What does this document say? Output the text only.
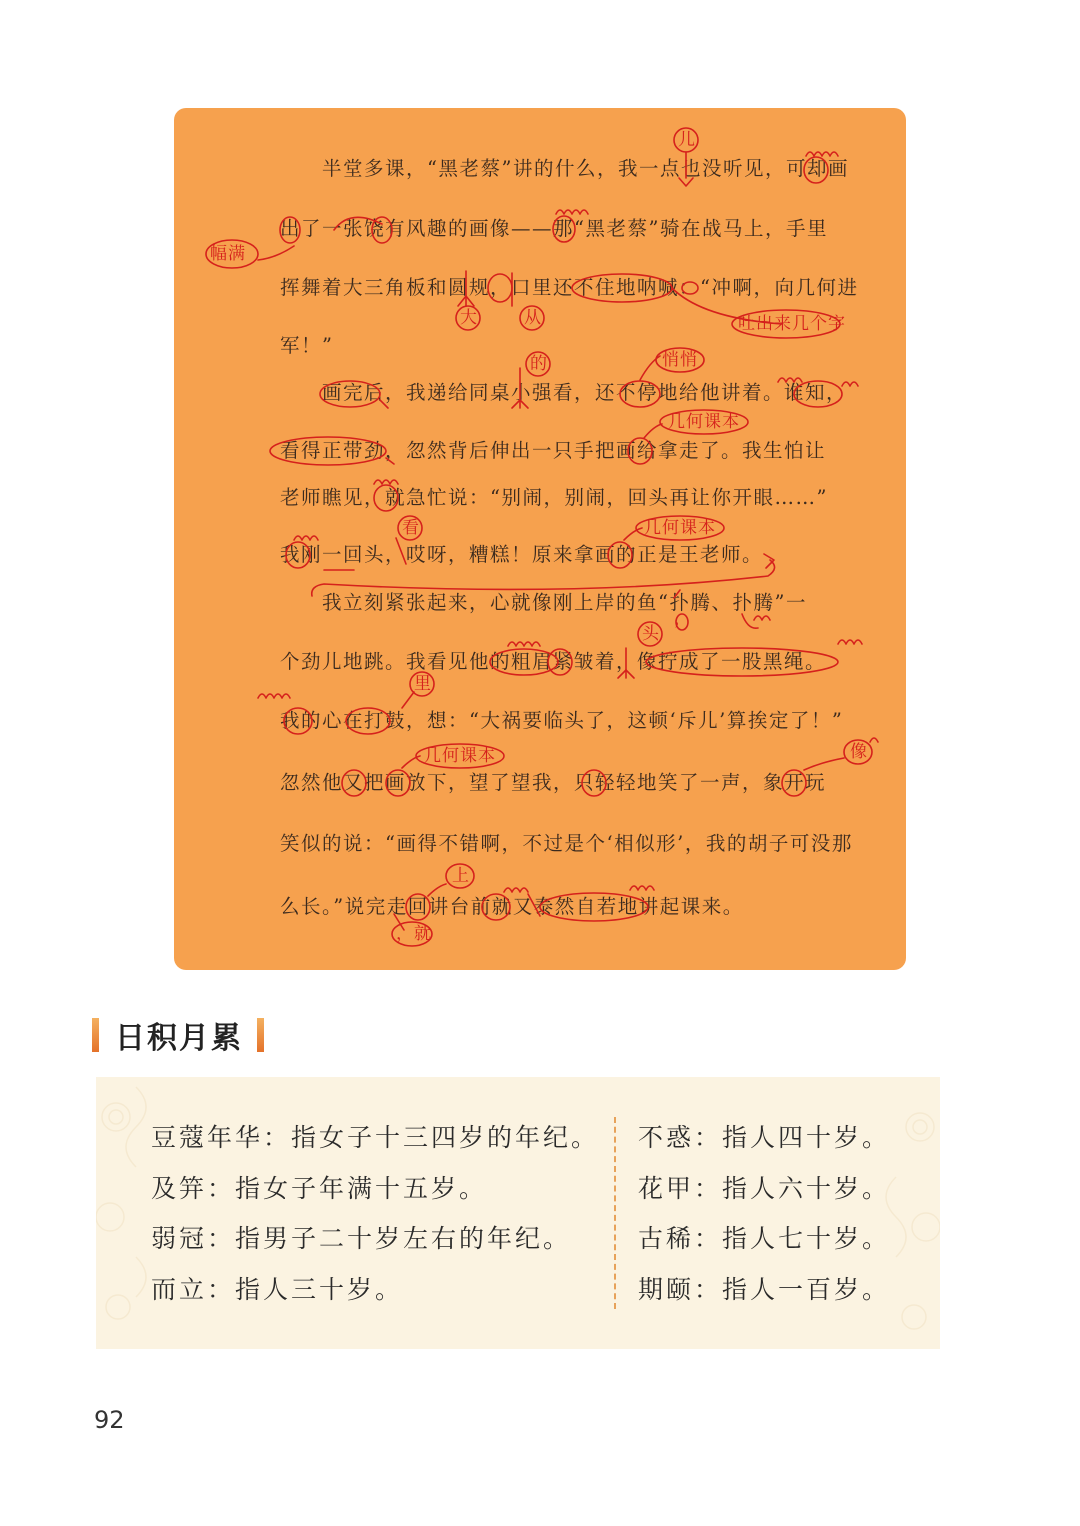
　　半堂多课，“黑老蔡”讲的什么，我一点也没听见，可却画
出了一张饶有风趣的画像——那“黑老蔡”骑在战马上，手里
挥舞着大三角板和圆规，口里还不住地呐喊：“冲啊，向几何进
军！”
　　画完后，我递给同桌小强看，还不停地给他讲着。谁知，
看得正带劲，忽然背后伸出一只手把画给拿走了。我生怕让
老师瞧见，就急忙说：“别闹，别闹，回头再让你开眼……”
我刚一回头，哎呀，糟糕！原来拿画的正是王老师。
　　我立刻紧张起来，心就像刚上岸的鱼“扑腾、扑腾”一
个劲儿地跳。我看见他的粗眉紧皱着，像拧成了一股黑绳。
我的心在打鼓，想：“大祸要临头了，这顿‘斥儿’算挨定了！”
忽然他又把画放下，望了望我，只轻轻地笑了一声，象开玩
笑似的说：“画得不错啊，不过是个‘相似形’，我的胡子可没那
么长。”说完走回讲台前就又泰然自若地讲起课来。
儿
幅满
大	从	吐出来几个字
的	悄悄
几何课本
看	几何课本
，
头
里
几何课本	像
上
，就
日积月累
豆蔻年华：指女子十三四岁的年纪。
及笄：指女子年满十五岁。
弱冠：指男子二十岁左右的年纪。
而立：指人三十岁。
不惑：指人四十岁。
花甲：指人六十岁。
古稀：指人七十岁。
期颐：指人一百岁。
92
